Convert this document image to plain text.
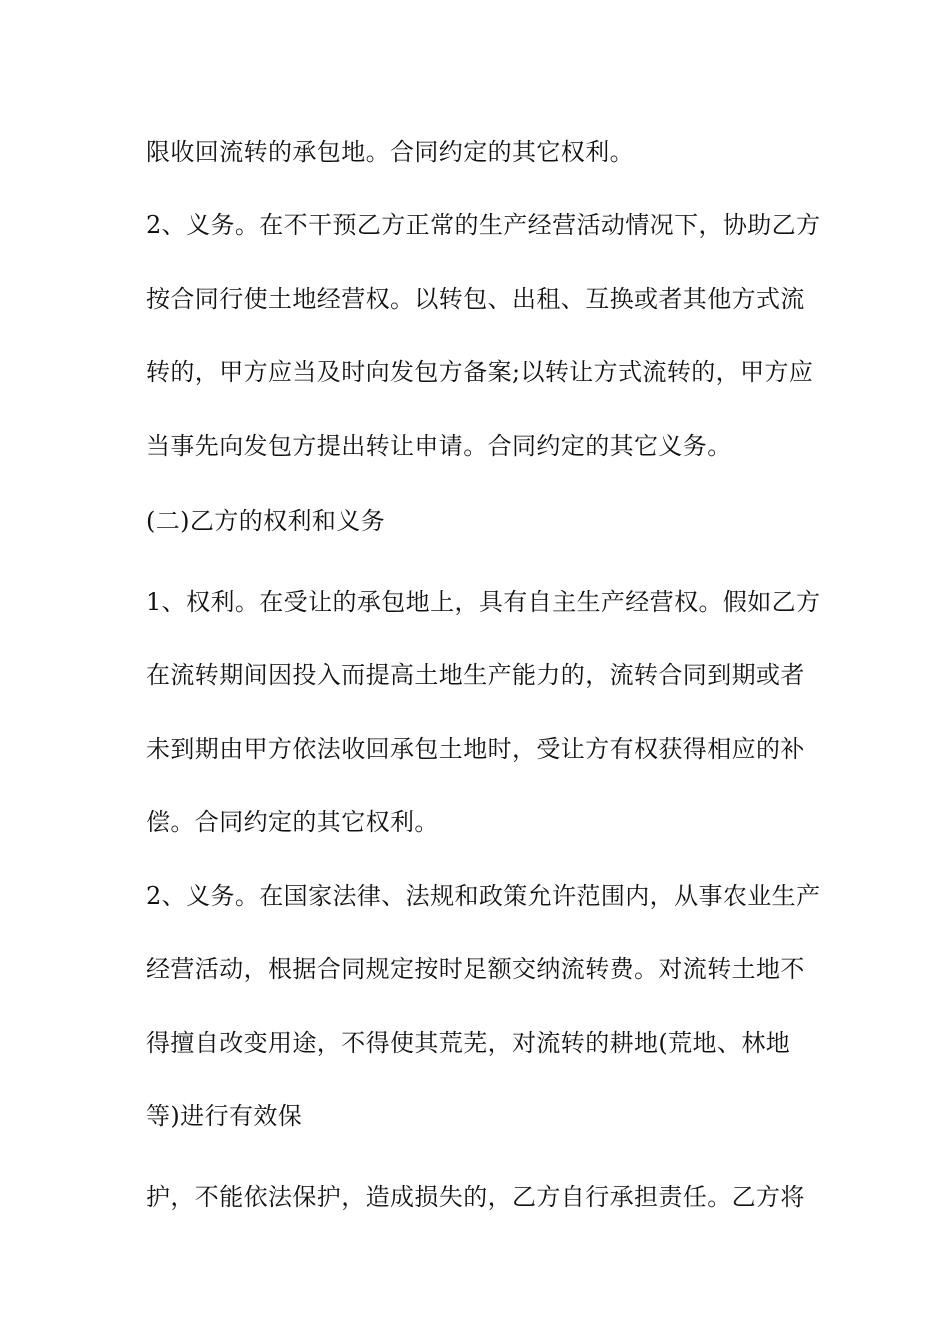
限收回流转的承包地。合同约定的其它权利。
2、义务。在不干预乙方正常的生产经营活动情况下，协助乙方
按合同行使土地经营权。以转包、出租、互换或者其他方式流
转的，甲方应当及时向发包方备案;以转让方式流转的，甲方应
当事先向发包方提出转让申请。合同约定的其它义务。
(二)乙方的权利和义务
1、权利。在受让的承包地上，具有自主生产经营权。假如乙方
在流转期间因投入而提高土地生产能力的，流转合同到期或者
未到期由甲方依法收回承包土地时，受让方有权获得相应的补
偿。合同约定的其它权利。
2、义务。在国家法律、法规和政策允许范围内，从事农业生产
经营活动，根据合同规定按时足额交纳流转费。对流转土地不
得擅自改变用途，不得使其荒芜，对流转的耕地(荒地、林地
等)进行有效保
护，不能依法保护，造成损失的，乙方自行承担责任。乙方将
